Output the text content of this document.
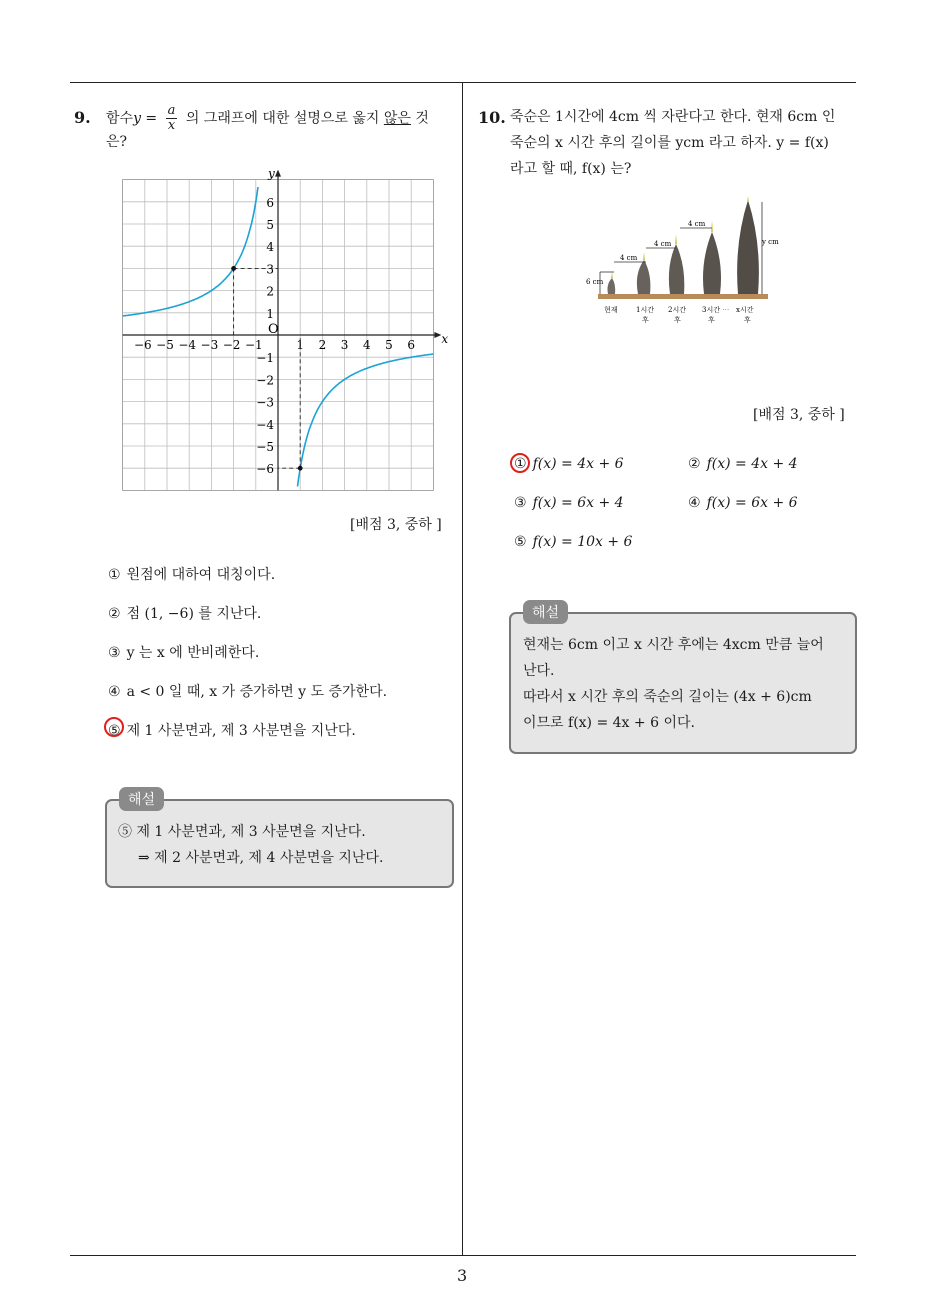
9. 함수$y = \frac{a}{x}$ 의 그래프에 대한 설명으로 옳지 않은 것
은?
x
y
O
−6 −5 −4 −3 −2 −1	1 2 3 4 5 6
6
5
4
3
2
1
−1
−2
−3
−4
−5
−6
[배점 3, 중하 ]
① 원점에 대하여 대칭이다.
② 점 (1, −6) 를 지난다.
③ y 는 x 에 반비례한다.
④ a < 0 일 때, x 가 증가하면 y 도 증가한다.
⑤ 제 1 사분면과, 제 3 사분면을 지난다.
해설
⑤ 제 1 사분면과, 제 3 사분면을 지난다.
⇒ 제 2 사분면과, 제 4 사분면을 지난다.
10. 죽순은 1시간에 4cm 씩 자란다고 한다. 현재 6cm 인
죽순의 x 시간 후의 길이를 ycm 라고 하자. y = f(x)
라고 할 때, f(x) 는?
6 cm
4 cm
4 cm
4 cm
y cm
현재	1시간 2시간 3시간 ⋯ x시간
후	후	후	후
[배점 3, 중하 ]
① f(x) = 4x + 6	② f(x) = 4x + 4
③ f(x) = 6x + 4	④ f(x) = 6x + 6
⑤ f(x) = 10x + 6
해설
현재는 6cm 이고 x 시간 후에는 4xcm 만큼 늘어
난다.
따라서 x 시간 후의 죽순의 길이는 (4x + 6)cm
이므로 f(x) = 4x + 6 이다.
3
